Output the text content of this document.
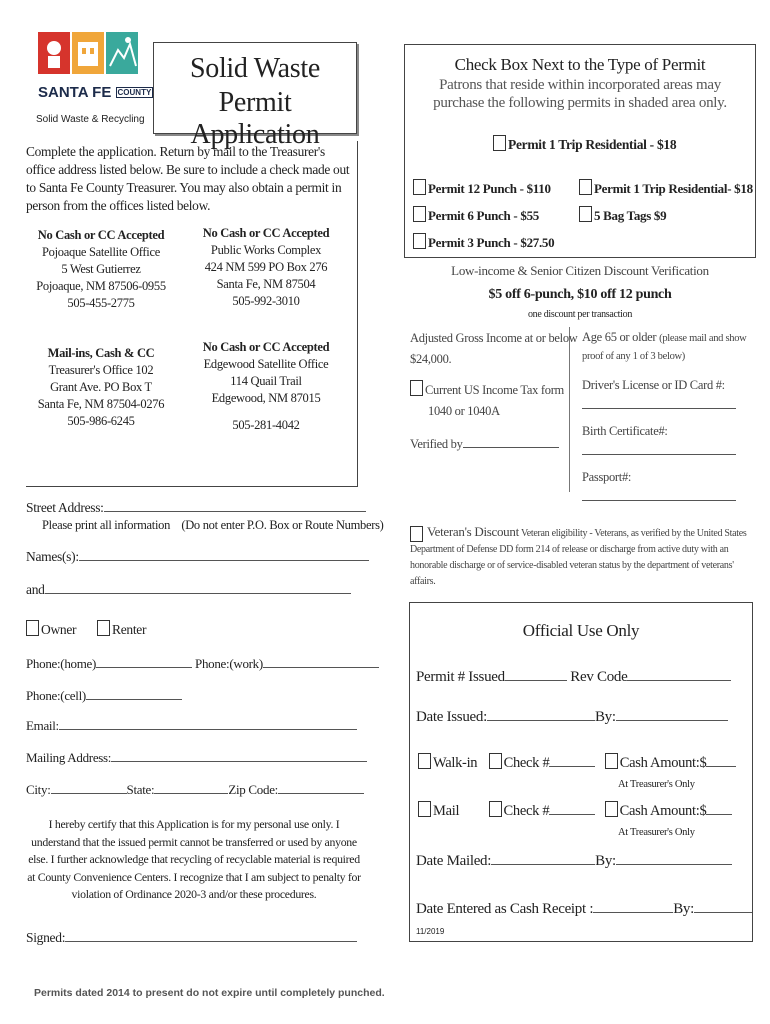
SANTA FE COUNTY
Solid Waste & Recycling
Solid Waste
Permit Application
Complete the application. Return by mail to the Treasurer's office address listed below. Be sure to include a check made out to Santa Fe County Treasurer. You may also obtain a permit in person from the offices listed below.
No Cash or CC Accepted
Pojoaque Satellite Office
5 West Gutierrez
Pojoaque, NM 87506-0955
505-455-2775
No Cash or CC Accepted
Public Works Complex
424 NM 599 PO Box 276
Santa Fe, NM 87504
505-992-3010
Mail-ins, Cash & CC
Treasurer's Office 102
Grant Ave. PO Box T
Santa Fe, NM 87504-0276
505-986-6245
No Cash or CC Accepted
Edgewood Satellite Office
114 Quail Trail
Edgewood, NM 87015
505-281-4042
Street Address:
Please print all information    (Do not enter P.O. Box or Route Numbers)
Names(s):
and
Owner	Renter
Phone:(home)	Phone:(work)
Phone:(cell)
Email:
Mailing Address:
City:	State:	Zip Code:
I hereby certify that this Application is for my personal use only. I understand that the issued permit cannot be transferred or used by anyone else. I further acknowledge that recycling of recyclable material is required at County Convenience Centers. I recognize that I am subject to penalty for violation of Ordinance 2020-3 and/or these procedures.
Signed:
Permits dated 2014 to present do not expire until completely punched.
Check Box Next to the Type of Permit
Patrons that reside within incorporated areas may
purchase the following permits in shaded area only.
Permit 1 Trip Residential - $18
Permit 12 Punch - $110
Permit 6 Punch - $55
Permit 3 Punch - $27.50
Permit 1 Trip Residential- $18
5 Bag Tags $9
Low-income & Senior Citizen Discount Verification
$5 off 6-punch, $10 off 12 punch
one discount per transaction
Adjusted Gross Income at or below
$24,000.
Current US Income Tax form
1040 or 1040A
Verified by
Age 65 or older (please mail and show
proof of any 1 of 3 below)
Driver's License or ID Card #:
Birth Certificate#:
Passport#:
Veteran's Discount Veteran eligibility - Veterans, as verified by the United States Department of Defense DD form 214 of release or discharge from active duty with an honorable discharge or of service-disabled veteran status by the department of veterans' affairs.
Official Use Only
Permit # Issued	Rev Code
Date Issued:	By:
Walk-in Check #	Cash Amount:$
At Treasurer's Only
Mail	Check #	Cash Amount:$
At Treasurer's Only
Date Mailed:	By:
Date Entered as Cash Receipt :	By:
11/2019
